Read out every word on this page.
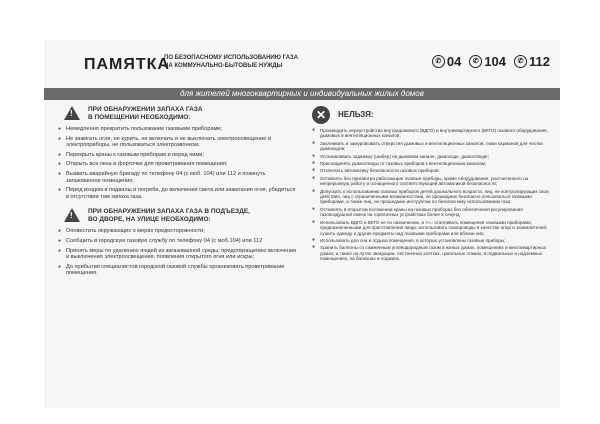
ПАМЯТКА
ПО БЕЗОПАСНОМУ ИСПОЛЬЗОВАНИЮ ГАЗА
НА КОММУНАЛЬНО-БЫТОВЫЕ НУЖДЫ
✆ 04	✆ 104	✆ 112
для жителей многоквартирных и индивидуальных жилых домов
! ПРИ ОБНАРУЖЕНИИ ЗАПАХА ГАЗА
В ПОМЕЩЕНИИ НЕОБХОДИМО:
● Немедленно прекратить пользование газовыми приборами;
● Не зажигать огня, не курить, не включать и не выключать электроосвещение и электроприборы, не пользоваться электрозвонком;
● Перекрыть краны к газовым приборам и перед ними;
● Открыть все окна и форточки для проветривания помещения;
● Вызвать аварийную бригаду по телефону 04 (с моб. 104) или 112 и покинуть загазованное помещение;
● Перед входом в подвалы и погреба, до включения света или зажигания огня, убедиться в отсутствии там запаха газа.
! ПРИ ОБНАРУЖЕНИИ ЗАПАХА ГАЗА В ПОДЪЕЗДЕ,
ВО ДВОРЕ, НА УЛИЦЕ НЕОБХОДИМО:
● Оповестить окружающих о мерах предосторожности;
● Сообщить в городскую газовую службу по телефону 04 (с моб.104) или 112
● Принять меры по удалению людей из загазованной среды, предотвращению включения и выключения электроосвещения, появления открытого огня или искры;
● До прибытия специалистов городской газовой службы организовать проветривание помещения.
✕	НЕЛЬЗЯ:
● Производить переустройство внутридомового (ВДГО) и внутриквартирного (ВКГО) газового оборудования, дымовых и вентиляционных каналов;
● Заклеивать и замуровывать отверстия дымовых и вентиляционных каналов, люки карманов для чистки дымоходов;
● Устанавливать задвижку (шибер) на дымовом канале, дымоходе, дымоотводе;
● Присоединять дымоотводы от газовых приборов к вентиляционным каналам;
● Отключать автоматику безопасности газовых приборов;
● Оставлять без присмотра работающие газовые приборы, кроме оборудования, рассчитанного на непрерывную работу и оснащенного соответствующей автоматикой безопасности;
● Допускать к использованию газовых приборов детей дошкольного возраста, лиц, не контролирующих свои действия, лиц с ограниченными возможностями, не прошедших безопасно пользоваться газовыми приборами, а также лиц, не прошедших инструктаж по безопасному использованию газа;
● Оставлять в открытом положении краны на газовых приборах без обеспечения регулирования газовоздушной смеси на горелочных устройствах более 5 секунд;
● Использовать ВДГО и ВКГО не по назначению, в т.ч.: отапливать помещения газовыми приборами, предназначенными для приготовления пищи; использовать газопроводы в качестве опор и заземлителей; сушить одежду и другие предметы над газовыми приборами или вблизи них;
● Использовать для сна и отдыха помещения, в которых установлены газовые приборы;
● Хранить баллоны со сжиженным углеводородным газом в жилых домах, помещениях и многоквартирных домах, а также на путях эвакуации, лестничных клетках, цокольных этажах, в подвальных и надземных помещениях, на балконах и лоджиях.
